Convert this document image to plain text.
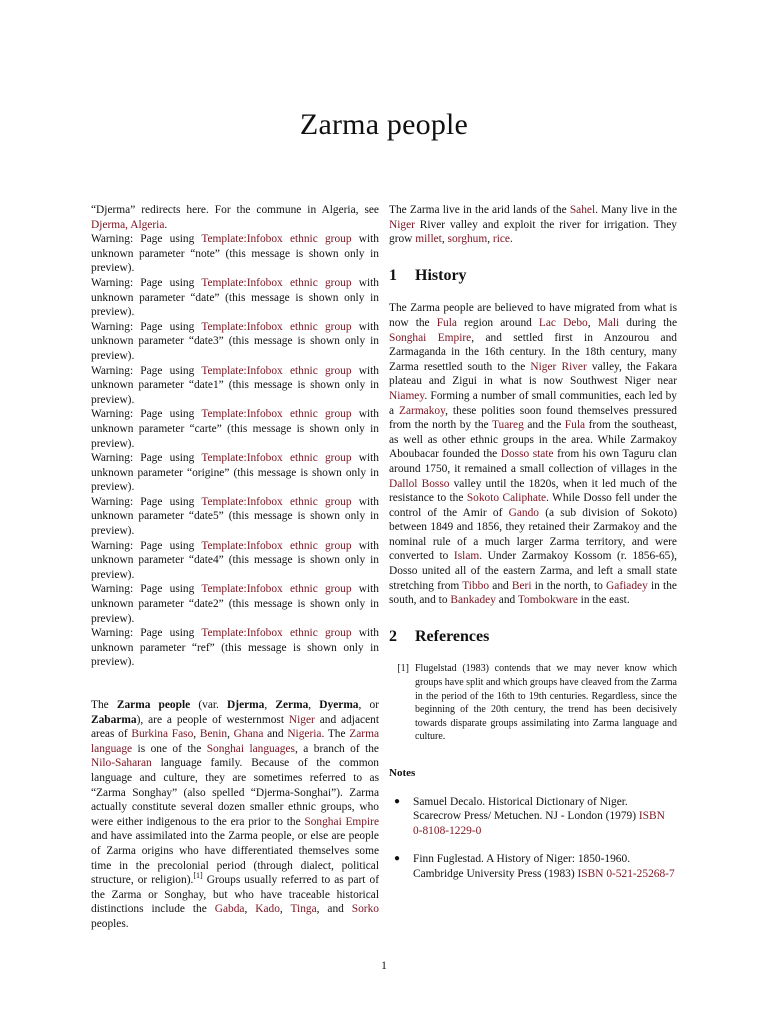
Zarma people

“Djerma” redirects here. For the commune in Algeria, see Djerma, Algeria.

Warning: Page using Template:Infobox ethnic group with unknown parameter “note” (this message is shown only in preview).

Warning: Page using Template:Infobox ethnic group with unknown parameter “date” (this message is shown only in preview).

Warning: Page using Template:Infobox ethnic group with unknown parameter “date3” (this message is shown only in preview).

Warning: Page using Template:Infobox ethnic group with unknown parameter “date1” (this message is shown only in preview).

Warning: Page using Template:Infobox ethnic group with unknown parameter “carte” (this message is shown only in preview).

Warning: Page using Template:Infobox ethnic group with unknown parameter “origine” (this message is shown only in preview).

Warning: Page using Template:Infobox ethnic group with unknown parameter “date5” (this message is shown only in preview).

Warning: Page using Template:Infobox ethnic group with unknown parameter “date4” (this message is shown only in preview).

Warning: Page using Template:Infobox ethnic group with unknown parameter “date2” (this message is shown only in preview).

Warning: Page using Template:Infobox ethnic group with unknown parameter “ref” (this message is shown only in preview).

The Zarma people (var. Djerma, Zerma, Dyerma, or Zabarma), are a people of westernmost Niger and adjacent areas of Burkina Faso, Benin, Ghana and Nigeria. The Zarma language is one of the Songhai languages, a branch of the Nilo-Saharan language family. Because of the common language and culture, they are sometimes referred to as “Zarma Songhay” (also spelled “Djerma-Songhai”). Zarma actually constitute several dozen smaller ethnic groups, who were either indigenous to the era prior to the Songhai Empire and have assimilated into the Zarma people, or else are people of Zarma origins who have differentiated themselves some time in the precolonial period (through dialect, political structure, or religion).[1] Groups usually referred to as part of the Zarma or Songhay, but who have traceable historical distinctions include the Gabda, Kado, Tinga, and Sorko peoples.

The Zarma live in the arid lands of the Sahel. Many live in the Niger River valley and exploit the river for irrigation. They grow millet, sorghum, rice.

1 History

The Zarma people are believed to have migrated from what is now the Fula region around Lac Debo, Mali during the Songhai Empire, and settled first in Anzourou and Zarmaganda in the 16th century. In the 18th century, many Zarma resettled south to the Niger River valley, the Fakara plateau and Zigui in what is now Southwest Niger near Niamey. Forming a number of small communities, each led by a Zarmakoy, these polities soon found themselves pressured from the north by the Tuareg and the Fula from the southeast, as well as other ethnic groups in the area. While Zarmakoy Aboubacar founded the Dosso state from his own Taguru clan around 1750, it remained a small collection of villages in the Dallol Bosso valley until the 1820s, when it led much of the resistance to the Sokoto Caliphate. While Dosso fell under the control of the Amir of Gando (a sub division of Sokoto) between 1849 and 1856, they retained their Zarmakoy and the nominal rule of a much larger Zarma territory, and were converted to Islam. Under Zarmakoy Kossom (r. 1856-65), Dosso united all of the eastern Zarma, and left a small state stretching from Tibbo and Beri in the north, to Gafiadey in the south, and to Bankadey and Tombokware in the east.

2 References
[1] Flugelstad (1983) contends that we may never know which groups have split and which groups have cleaved from the Zarma in the period of the 16th to 19th centuries. Regardless, since the beginning of the 20th century, the trend has been decisively towards disparate groups assimilating into Zarma language and culture.
Notes
●	Samuel Decalo. Historical Dictionary of Niger. Scarecrow Press/ Metuchen. NJ - London (1979) ISBN 0-8108-1229-0
●	Finn Fuglestad. A History of Niger: 1850-1960. Cambridge University Press (1983) ISBN 0-521-25268-7
1
